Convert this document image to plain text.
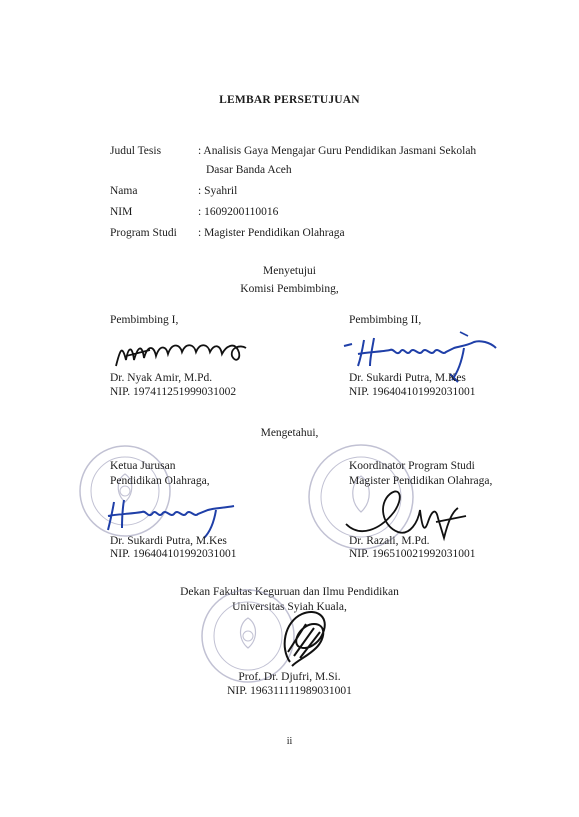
LEMBAR PERSETUJUAN
Judul Tesis	: Analisis Gaya Mengajar Guru Pendidikan Jasmani Sekolah
Dasar Banda Aceh
Nama	: Syahril
NIM	: 1609200110016
Program Studi : Magister Pendidikan Olahraga
Menyetujui
Komisi Pembimbing,
Pembimbing I,
Dr. Nyak Amir, M.Pd.
NIP. 197411251999031002
Pembimbing II,
Dr. Sukardi Putra, M.Kes
NIP. 196404101992031001
Mengetahui,
Ketua Jurusan
Pendidikan Olahraga,
Dr. Sukardi Putra, M.Kes
NIP. 196404101992031001
Koordinator Program Studi
Magister Pendidikan Olahraga,
Dr. Razali, M.Pd.
NIP. 196510021992031001
Dekan Fakultas Keguruan dan Ilmu Pendidikan
Universitas Syiah Kuala,
Prof. Dr. Djufri, M.Si.
NIP. 196311111989031001
ii
